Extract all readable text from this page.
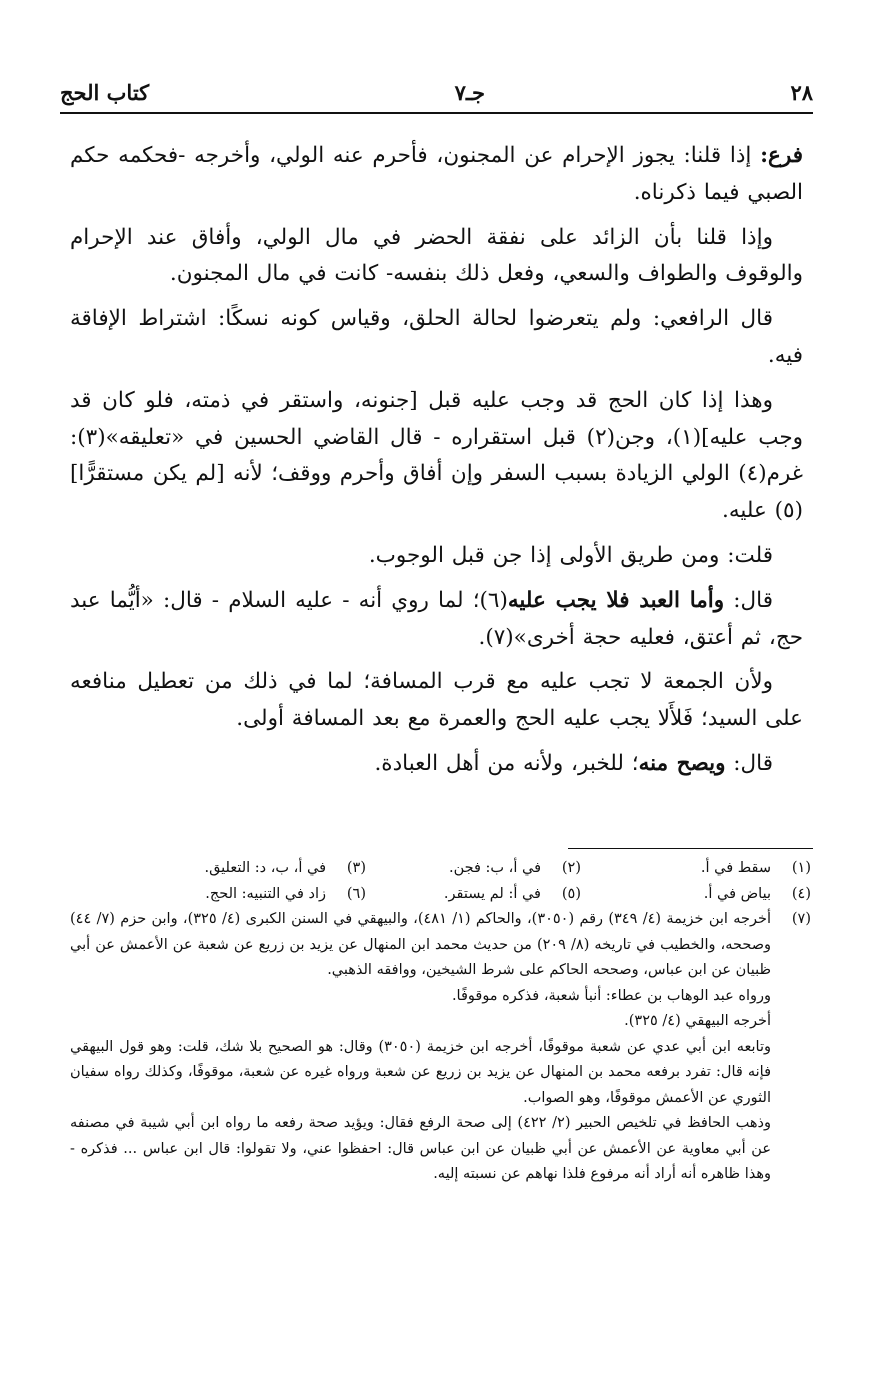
٢٨
جـ٧
كتاب الحج

فرع: إذا قلنا: يجوز الإحرام عن المجنون، فأحرم عنه الولي، وأخرجه -فحكمه حكم الصبي فيما ذكرناه.

وإذا قلنا بأن الزائد على نفقة الحضر في مال الولي، وأفاق عند الإحرام والوقوف والطواف والسعي، وفعل ذلك بنفسه- كانت في مال المجنون.

قال الرافعي: ولم يتعرضوا لحالة الحلق، وقياس كونه نسكًا: اشتراط الإفاقة فيه.

وهذا إذا كان الحج قد وجب عليه قبل [جنونه، واستقر في ذمته، فلو كان قد وجب عليه](١)، وجن(٢) قبل استقراره - قال القاضي الحسين في «تعليقه»(٣): غرم(٤) الولي الزيادة بسبب السفر وإن أفاق وأحرم ووقف؛ لأنه [لم يكن مستقرًّا](٥) عليه.

قلت: ومن طريق الأولى إذا جن قبل الوجوب.

قال: وأما العبد فلا يجب عليه(٦)؛ لما روي أنه - عليه السلام - قال: «أيُّما عبد حج، ثم أعتق، فعليه حجة أخرى»(٧).

ولأن الجمعة لا تجب عليه مع قرب المسافة؛ لما في ذلك من تعطيل منافعه على السيد؛ فَلأَلا يجب عليه الحج والعمرة مع بعد المسافة أولى.

قال: ويصح منه؛ للخبر، ولأنه من أهل العبادة.

(١)
سقط في أ.
(٢)
في أ، ب: فجن.
(٣)
في أ، ب، د: التعليق.
(٤)
بياض في أ.
(٥)
في أ: لم يستقر.
(٦)
زاد في التنبيه: الحج.
(٧)
أخرجه ابن خزيمة (٤/ ٣٤٩) رقم (٣٠٥٠)، والحاكم (١/ ٤٨١)، والبيهقي في السنن الكبرى (٤/ ٣٢٥)، وابن حزم (٧/ ٤٤) وصححه، والخطيب في تاريخه (٨/ ٢٠٩) من حديث محمد ابن المنهال عن يزيد بن زريع عن شعبة عن الأعمش عن أبي ظبيان عن ابن عباس، وصححه الحاكم على شرط الشيخين، ووافقه الذهبي.
ورواه عبد الوهاب بن عطاء: أنبأ شعبة، فذكره موقوفًا.
أخرجه البيهقي (٤/ ٣٢٥).
وتابعه ابن أبي عدي عن شعبة موقوفًا، أخرجه ابن خزيمة (٣٠٥٠) وقال: هو الصحيح بلا شك، قلت: وهو قول البيهقي فإنه قال: تفرد برفعه محمد بن المنهال عن يزيد بن زريع عن شعبة ورواه غيره عن شعبة، موقوفًا، وكذلك رواه سفيان الثوري عن الأعمش موقوفًا، وهو الصواب.
وذهب الحافظ في تلخيص الحبير (٢/ ٤٢٢) إلى صحة الرفع فقال: ويؤيد صحة رفعه ما رواه ابن أبي شيبة في مصنفه عن أبي معاوية عن الأعمش عن أبي ظبيان عن ابن عباس قال: احفظوا عني، ولا تقولوا: قال ابن عباس ... فذكره - وهذا ظاهره أنه أراد أنه مرفوع فلذا نهاهم عن نسبته إليه.
